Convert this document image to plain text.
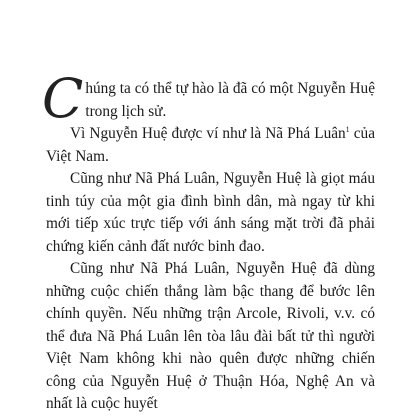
Chúng ta có thể tự hào là đã có một Nguyễn Huệ trong lịch sử.

Vì Nguyễn Huệ được ví như là Nã Phá Luân$^1$ của Việt Nam.

Cũng như Nã Phá Luân, Nguyễn Huệ là giọt máu tinh túy của một gia đình bình dân, mà ngay từ khi mới tiếp xúc trực tiếp với ánh sáng mặt trời đã phải chứng kiến cảnh đất nước binh đao.

Cũng như Nã Phá Luân, Nguyễn Huệ đã dùng những cuộc chiến thắng làm bậc thang để bước lên chính quyền. Nếu những trận Arcole, Rivoli, v.v. có thể đưa Nã Phá Luân lên tòa lâu đài bất tử thì người Việt Nam không khi nào quên được những chiến công của Nguyễn Huệ ở Thuận Hóa, Nghệ An và nhất là cuộc huyết
